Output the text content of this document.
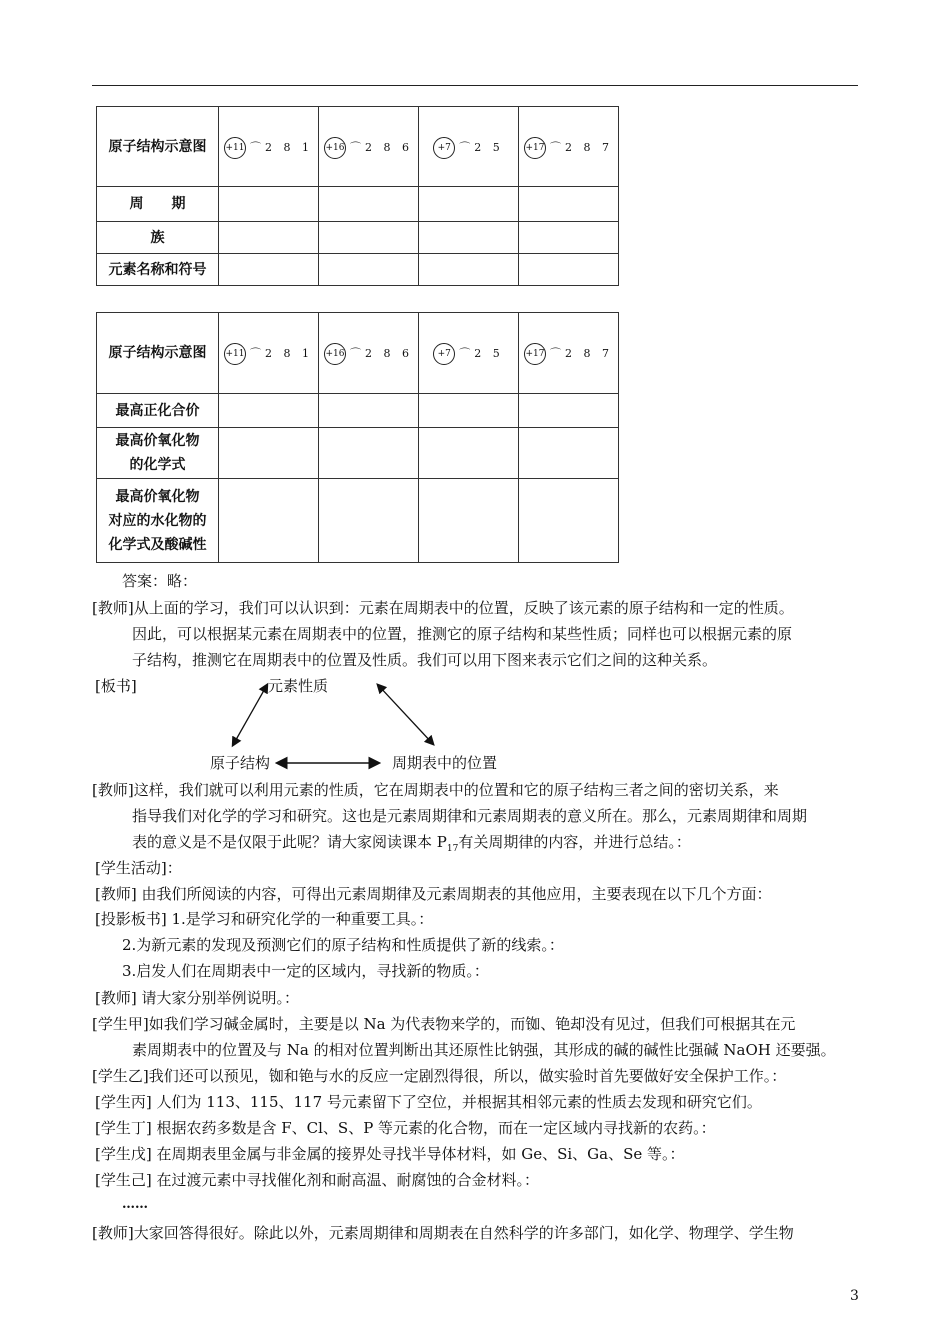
原子结构示意图	+11 ⌒ 2 8 1	+16 ⌒ 2 8 6	+7 ⌒ 2 5	+17 ⌒ 2 8 7

周　　期				
族				
元素名称和符号				
原子结构示意图	+11 ⌒ 2 8 1	+16 ⌒ 2 8 6	+7 ⌒ 2 5	+17 ⌒ 2 8 7

最高正化合价				

最高价氧化物
的化学式				

最高价氧化物
对应的水化物的
化学式及酸碱性				

答案：略：
[教师]从上面的学习，我们可以认识到：元素在周期表中的位置，反映了该元素的原子结构和一定的性质。
因此，可以根据某元素在周期表中的位置，推测它的原子结构和某些性质；同样也可以根据元素的原
子结构，推测它在周期表中的位置及性质。我们可以用下图来表示它们之间的这种关系。
[板书]	元素性质
原子结构	周期表中的位置
[教师]这样，我们就可以利用元素的性质，它在周期表中的位置和它的原子结构三者之间的密切关系，来
指导我们对化学的学习和研究。这也是元素周期律和元素周期表的意义所在。那么，元素周期律和周期
表的意义是不是仅限于此呢？请大家阅读课本 $P_{17}$有关周期律的内容，并进行总结。：
[学生活动]：
[教师] 由我们所阅读的内容，可得出元素周期律及元素周期表的其他应用，主要表现在以下几个方面：
[投影板书] 1.是学习和研究化学的一种重要工具。：
2.为新元素的发现及预测它们的原子结构和性质提供了新的线索。：
3.启发人们在周期表中一定的区域内，寻找新的物质。：
[教师] 请大家分别举例说明。：
[学生甲]如我们学习碱金属时，主要是以 Na 为代表物来学的，而铷、铯却没有见过，但我们可根据其在元
素周期表中的位置及与 Na 的相对位置判断出其还原性比钠强，其形成的碱的碱性比强碱 NaOH 还要强。
[学生乙]我们还可以预见，铷和铯与水的反应一定剧烈得很，所以，做实验时首先要做好安全保护工作。：
[学生丙] 人们为 113、115、117 号元素留下了空位，并根据其相邻元素的性质去发现和研究它们。
[学生丁] 根据农药多数是含 F、Cl、S、P 等元素的化合物，而在一定区域内寻找新的农药。：
[学生戊] 在周期表里金属与非金属的接界处寻找半导体材料，如 Ge、Si、Ga、Se 等。：
[学生己] 在过渡元素中寻找催化剂和耐高温、耐腐蚀的合金材料。：
……
[教师]大家回答得很好。除此以外，元素周期律和周期表在自然科学的许多部门，如化学、物理学、学生物
3
